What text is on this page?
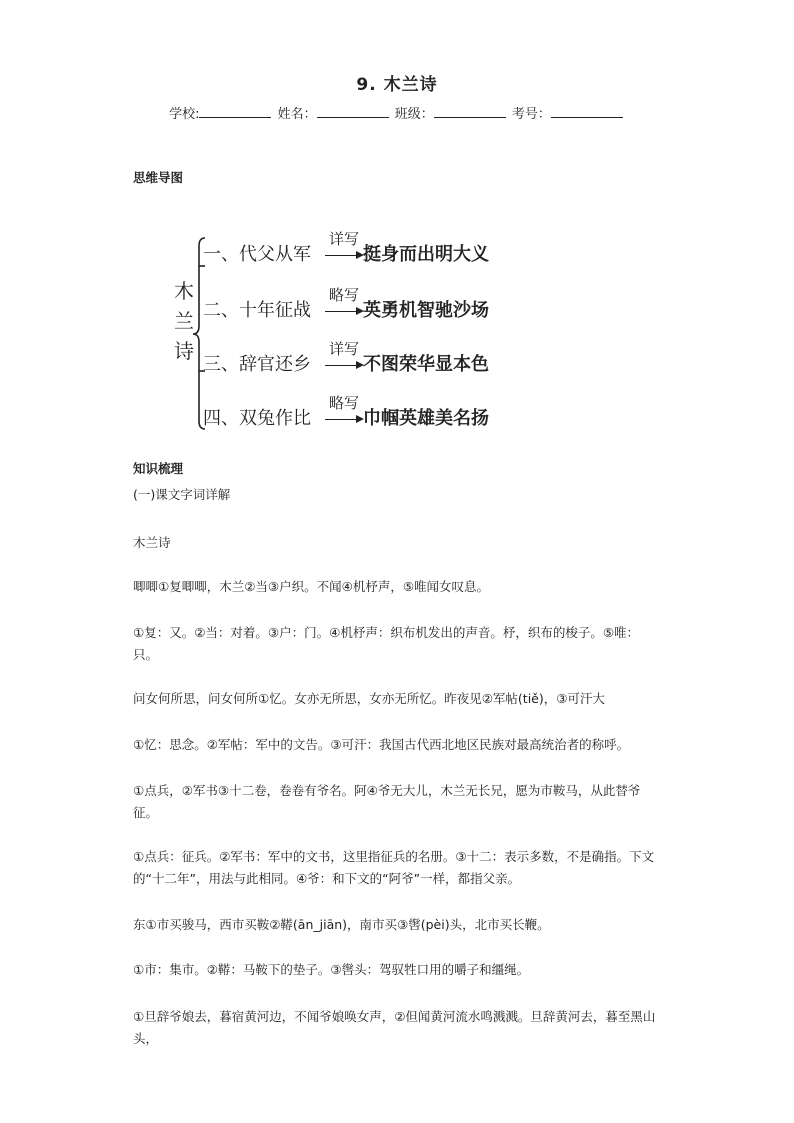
9. 木兰诗
学校:	姓名：	班级：	考号：
思维导图
木
兰
诗
一、代父从军
详写
挺身而出明大义
二、十年征战
略写
英勇机智驰沙场
三、辞官还乡
详写
不图荣华显本色
四、双兔作比
略写
巾帼英雄美名扬
知识梳理
(一)课文字词详解
木兰诗
唧唧①复唧唧，木兰②当③户织。不闻④机杼声，⑤唯闻女叹息。
①复：又。②当：对着。③户：门。④机杼声：织布机发出的声音。杼，织布的梭子。⑤唯：只。
问女何所思，问女何所①忆。女亦无所思，女亦无所忆。昨夜见②军帖(tiě)，③可汗大
①忆：思念。②军帖：军中的文告。③可汗：我国古代西北地区民族对最高统治者的称呼。
①点兵，②军书③十二卷，卷卷有爷名。阿④爷无大儿，木兰无长兄，愿为市鞍马，从此替爷征。
①点兵：征兵。②军书：军中的文书，这里指征兵的名册。③十二：表示多数，不是确指。下文的“十二年”，用法与此相同。④爷：和下文的“阿爷”一样，都指父亲。
东①市买骏马，西市买鞍②鞯(ān_jiān)，南市买③辔(pèi)头，北市买长鞭。
①市：集市。②鞯：马鞍下的垫子。③辔头：驾驭牲口用的嚼子和缰绳。
①旦辞爷娘去，暮宿黄河边，不闻爷娘唤女声，②但闻黄河流水鸣溅溅。旦辞黄河去，暮至黑山头，
